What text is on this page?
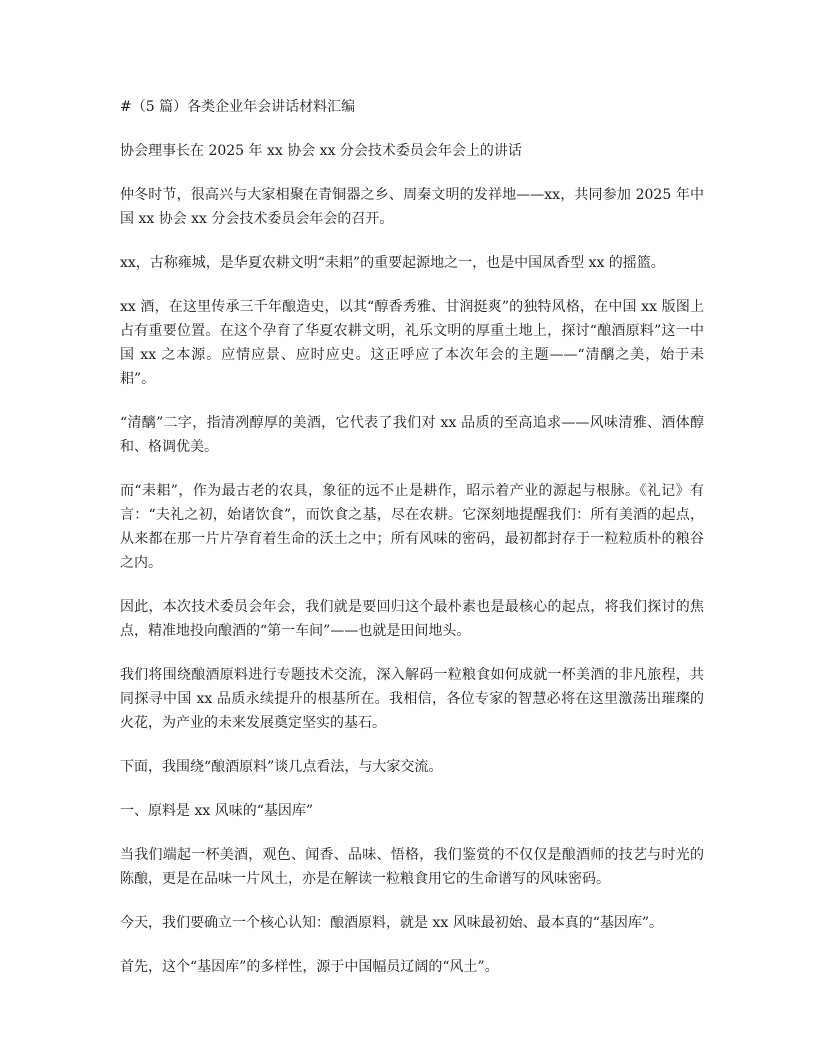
#（5 篇）各类企业年会讲话材料汇编

协会理事长在 2025 年 xx 协会 xx 分会技术委员会年会上的讲话

仲冬时节，很高兴与大家相聚在青铜器之乡、周秦文明的发祥地——xx，共同参加 2025 年中国 xx 协会 xx 分会技术委员会年会的召开。

xx，古称雍城，是华夏农耕文明“耒耜”的重要起源地之一，也是中国凤香型 xx 的摇篮。

xx 酒，在这里传承三千年酿造史，以其“醇香秀雅、甘润挺爽”的独特风格，在中国 xx 版图上占有重要位置。在这个孕育了华夏农耕文明，礼乐文明的厚重土地上，探讨“酿酒原料”这一中国 xx 之本源。应情应景、应时应史。这正呼应了本次年会的主题——“清醨之美，始于耒耜”。

“清醨”二字，指清冽醇厚的美酒，它代表了我们对 xx 品质的至高追求——风味清雅、酒体醇和、格调优美。

而“耒耜”，作为最古老的农具，象征的远不止是耕作，昭示着产业的源起与根脉。《礼记》有言：“夫礼之初，始诸饮食”，而饮食之基，尽在农耕。它深刻地提醒我们：所有美酒的起点，从来都在那一片片孕育着生命的沃土之中；所有风味的密码，最初都封存于一粒粒质朴的粮谷之内。

因此，本次技术委员会年会，我们就是要回归这个最朴素也是最核心的起点，将我们探讨的焦点，精准地投向酿酒的“第一车间”——也就是田间地头。

我们将围绕酿酒原料进行专题技术交流，深入解码一粒粮食如何成就一杯美酒的非凡旅程，共同探寻中国 xx 品质永续提升的根基所在。我相信，各位专家的智慧必将在这里激荡出璀璨的火花，为产业的未来发展奠定坚实的基石。

下面，我围绕“酿酒原料”谈几点看法，与大家交流。

一、原料是 xx 风味的“基因库”

当我们端起一杯美酒，观色、闻香、品味、悟格，我们鉴赏的不仅仅是酿酒师的技艺与时光的陈酿，更是在品味一片风土，亦是在解读一粒粮食用它的生命谱写的风味密码。

今天，我们要确立一个核心认知：酿酒原料，就是 xx 风味最初始、最本真的“基因库”。

首先，这个“基因库”的多样性，源于中国幅员辽阔的“风土”。
